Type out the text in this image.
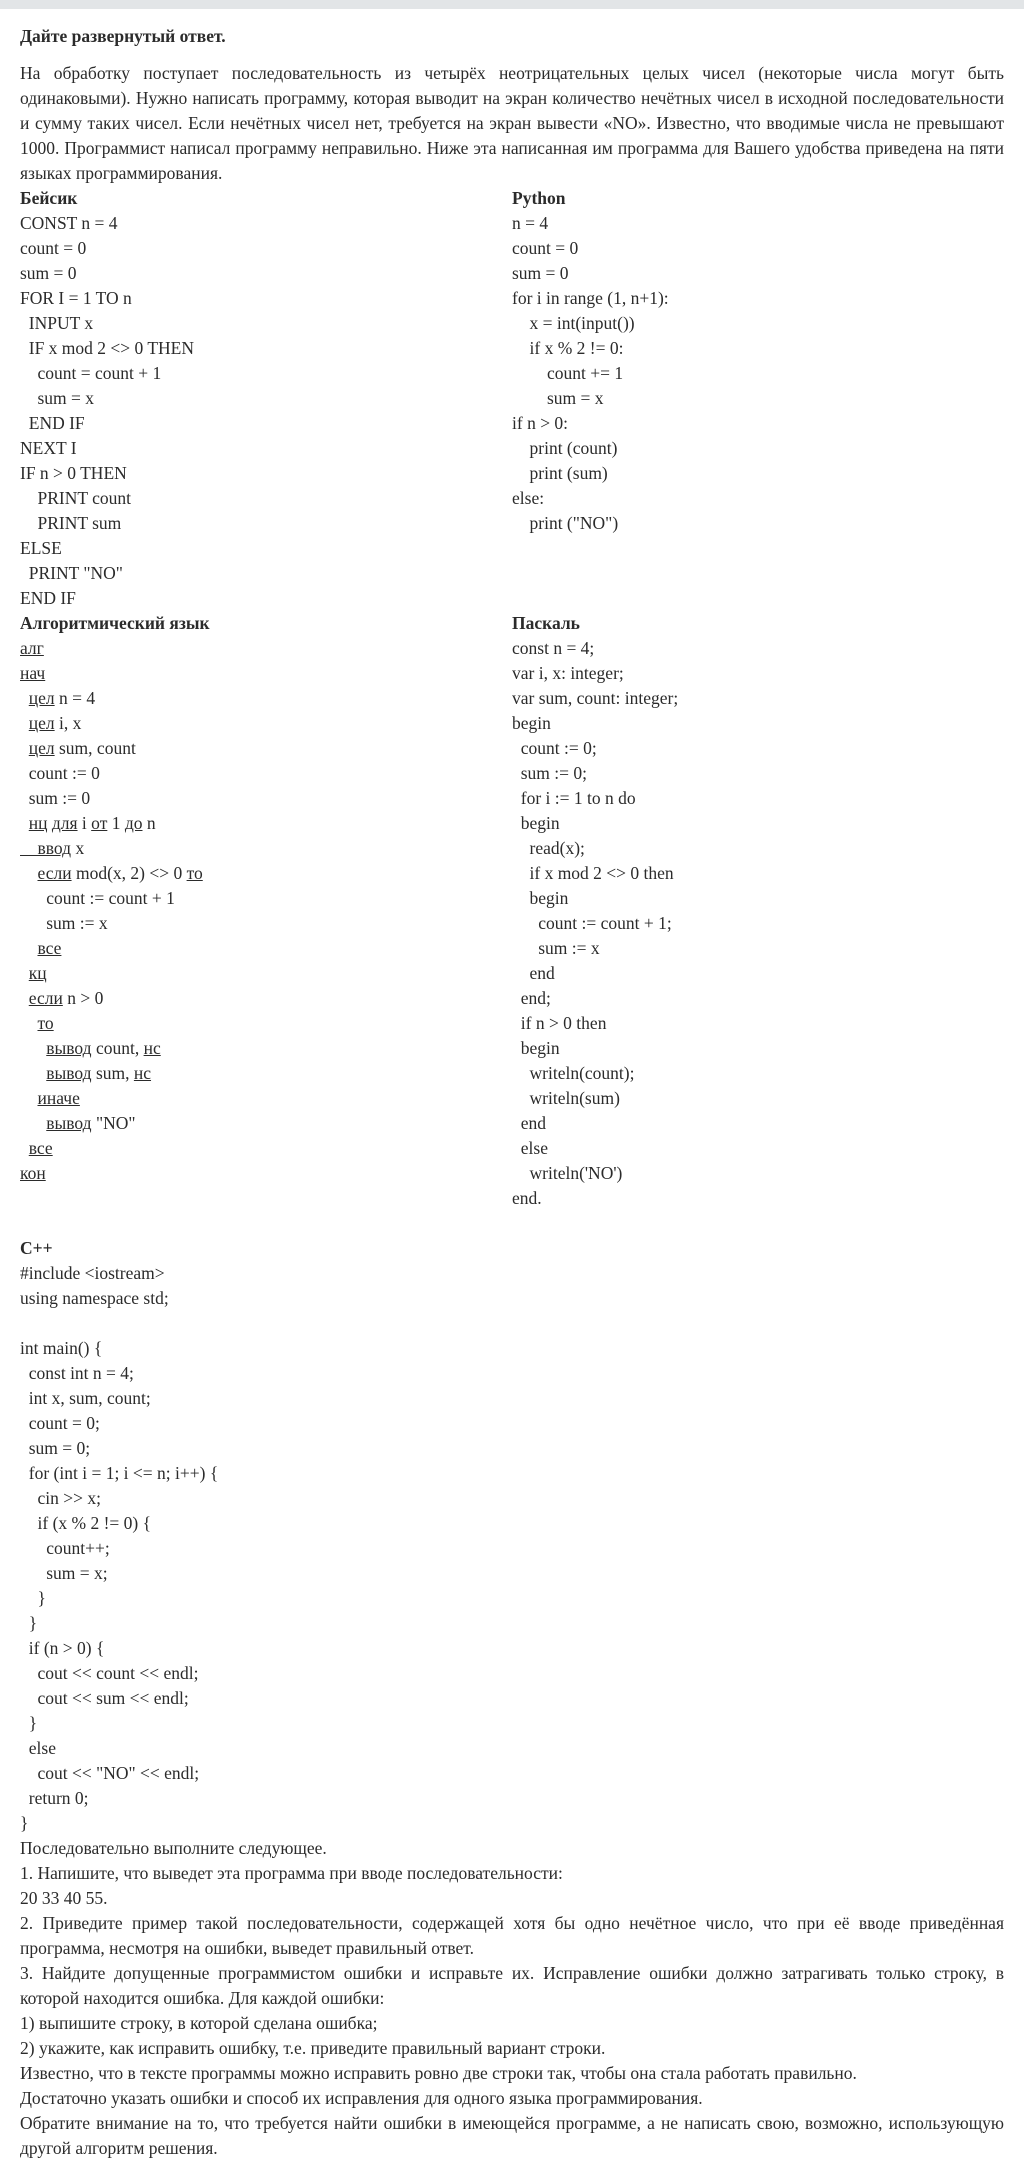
Дайте развернутый ответ.

На обработку поступает последовательность из четырёх неотрицательных целых чисел (некоторые числа могут быть одинаковыми). Нужно написать программу, которая выводит на экран количество нечётных чисел в исходной последовательности и сумму таких чисел. Если нечётных чисел нет, требуется на экран вывести «NO». Известно, что вводимые числа не превышают 1000. Программист написал программу неправильно. Ниже эта написанная им программа для Вашего удобства приведена на пяти языках программирования.

Бейсик
CONST n = 4
count = 0
sum = 0
FOR I = 1 TO n
INPUT x
IF x mod 2 <> 0 THEN
count = count + 1
sum = x
END IF
NEXT I
IF n > 0 THEN
PRINT count
PRINT sum
ELSE
PRINT "NO"
END IF
Python
n = 4
count = 0
sum = 0
for i in range (1, n+1):
x = int(input())
if x % 2 != 0:
count += 1
sum = x
if n > 0:
print (count)
print (sum)
else:
print ("NO")
Алгоритмический язык
алг
нач
цел n = 4
цел i, x
цел sum, count
count := 0
sum := 0
нц для i от 1 до n
ввод x
если mod(x, 2) <> 0 то
count := count + 1
sum := x
все
кц
если n > 0
то
вывод count, нс
вывод sum, нс
иначе
вывод "NO"
все
кон
Паскаль
const n = 4;
var i, x: integer;
var sum, count: integer;
begin
count := 0;
sum := 0;
for i := 1 to n do
begin
read(x);
if x mod 2 <> 0 then
begin
count := count + 1;
sum := x
end
end;
if n > 0 then
begin
writeln(count);
writeln(sum)
end
else
writeln('NO')
end.
C++
#include <iostream>
using namespace std;
int main() {
const int n = 4;
int x, sum, count;
count = 0;
sum = 0;
for (int i = 1; i <= n; i++) {
cin >> x;
if (x % 2 != 0) {
count++;
sum = x;
}
}
if (n > 0) {
cout << count << endl;
cout << sum << endl;
}
else
cout << "NO" << endl;
return 0;
}

Последовательно выполните следующее.

1. Напишите, что выведет эта программа при вводе последовательности:

20 33 40 55.

2. Приведите пример такой последовательности, содержащей хотя бы одно нечётное число, что при её вводе приведённая программа, несмотря на ошибки, выведет правильный ответ.

3. Найдите допущенные программистом ошибки и исправьте их. Исправление ошибки должно затрагивать только строку, в которой находится ошибка. Для каждой ошибки:

1) выпишите строку, в которой сделана ошибка;

2) укажите, как исправить ошибку, т.е. приведите правильный вариант строки.

Известно, что в тексте программы можно исправить ровно две строки так, чтобы она стала работать правильно.

Достаточно указать ошибки и способ их исправления для одного языка программирования.

Обратите внимание на то, что требуется найти ошибки в имеющейся программе, а не написать свою, возможно, использующую другой алгоритм решения.
